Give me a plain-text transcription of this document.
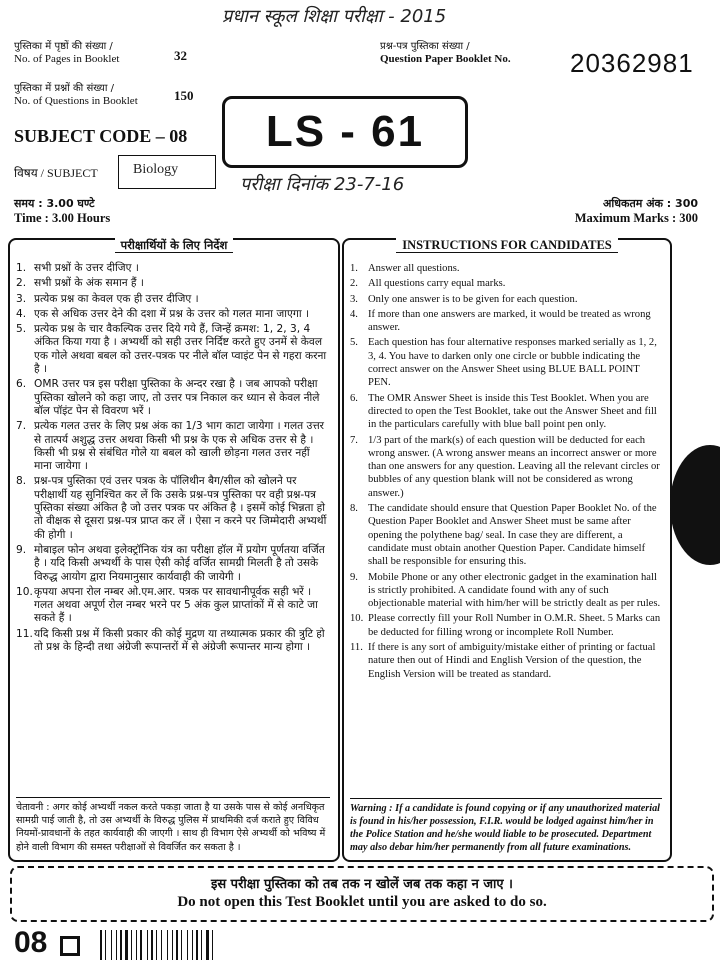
प्रधान स्कूल शिक्षा परीक्षा - 2015
पुस्तिका में पृष्ठों की संख्या /
No. of Pages in Booklet	32
पुस्तिका में प्रश्नों की संख्या /
No. of Questions in Booklet	150
प्रश्न-पत्र पुस्तिका संख्या /
Question Paper Booklet No. 20362981
LS - 61
SUBJECT CODE – 08
विषय / SUBJECT	Biology
परीक्षा दिनांक 23-7-16
समय : 3.00 घण्टे
Time : 3.00 Hours
अधिकतम अंक : 300
Maximum Marks : 300
परीक्षार्थियों के लिए निर्देश
1. सभी प्रश्नों के उत्तर दीजिए ।
2. सभी प्रश्नों के अंक समान हैं ।
3. प्रत्येक प्रश्न का केवल एक ही उत्तर दीजिए ।
4. एक से अधिक उत्तर देने की दशा में प्रश्न के उत्तर को गलत माना जाएगा ।
5. प्रत्येक प्रश्न के चार वैकल्पिक उत्तर दिये गये हैं, जिन्हें क्रमश: 1, 2, 3, 4 अंकित किया गया है । अभ्यर्थी को सही उत्तर निर्दिष्ट करते हुए उनमें से केवल एक गोले अथवा बबल को उत्तर-पत्रक पर नीले बॉल प्वाइंट पेन से गहरा करना है ।
6. OMR उत्तर पत्र इस परीक्षा पुस्तिका के अन्दर रखा है । जब आपको परीक्षा पुस्तिका खोलने को कहा जाए, तो उत्तर पत्र निकाल कर ध्यान से केवल नीले बॉल पॉइंट पेन से विवरण भरें ।
7. प्रत्येक गलत उत्तर के लिए प्रश्न अंक का 1/3 भाग काटा जायेगा । गलत उत्तर से तात्पर्य अशुद्ध उत्तर अथवा किसी भी प्रश्न के एक से अधिक उत्तर से है । किसी भी प्रश्न से संबंधित गोले या बबल को खाली छोड़ना गलत उत्तर नहीं माना जायेगा ।
8. प्रश्न-पत्र पुस्तिका एवं उत्तर पत्रक के पॉलिथीन बैग/सील को खोलने पर परीक्षार्थी यह सुनिश्चित कर लें कि उसके प्रश्न-पत्र पुस्तिका पर वही प्रश्न-पत्र पुस्तिका संख्या अंकित है जो उत्तर पत्रक पर अंकित है । इसमें कोई भिन्नता हो तो वीक्षक से दूसरा प्रश्न-पत्र प्राप्त कर लें । ऐसा न करने पर जिम्मेदारी अभ्यर्थी की होगी ।
9. मोबाइल फोन अथवा इलेक्ट्रॉनिक यंत्र का परीक्षा हॉल में प्रयोग पूर्णतया वर्जित है । यदि किसी अभ्यर्थी के पास ऐसी कोई वर्जित सामग्री मिलती है तो उसके विरुद्ध आयोग द्वारा नियमानुसार कार्यवाही की जायेगी ।
10. कृपया अपना रोल नम्बर ओ.एम.आर. पत्रक पर सावधानीपूर्वक सही भरें । गलत अथवा अपूर्ण रोल नम्बर भरने पर 5 अंक कुल प्राप्तांकों में से काटे जा सकते हैं ।
11. यदि किसी प्रश्न में किसी प्रकार की कोई मुद्रण या तथ्यात्मक प्रकार की त्रुटि हो तो प्रश्न के हिन्दी तथा अंग्रेजी रूपान्तरों में से अंग्रेजी रूपान्तर मान्य होगा ।
चेतावनी : अगर कोई अभ्यर्थी नकल करते पकड़ा जाता है या उसके पास से कोई अनधिकृत सामग्री पाई जाती है, तो उस अभ्यर्थी के विरुद्ध पुलिस में प्राथमिकी दर्ज कराते हुए विविध नियमों-प्रावधानों के तहत कार्यवाही की जाएगी । साथ ही विभाग ऐसे अभ्यर्थी को भविष्य में होने वाली विभाग की समस्त परीक्षाओं से विवर्जित कर सकता है ।
INSTRUCTIONS FOR CANDIDATES
1. Answer all questions.
2. All questions carry equal marks.
3. Only one answer is to be given for each question.
4. If more than one answers are marked, it would be treated as wrong answer.
5. Each question has four alternative responses marked serially as 1, 2, 3, 4. You have to darken only one circle or bubble indicating the correct answer on the Answer Sheet using BLUE BALL POINT PEN.
6. The OMR Answer Sheet is inside this Test Booklet. When you are directed to open the Test Booklet, take out the Answer Sheet and fill in the particulars carefully with blue ball point pen only.
7. 1/3 part of the mark(s) of each question will be deducted for each wrong answer. (A wrong answer means an incorrect answer or more than one answers for any question. Leaving all the relevant circles or bubbles of any question blank will not be considered as wrong answer.)
8. The candidate should ensure that Question Paper Booklet No. of the Question Paper Booklet and Answer Sheet must be same after opening the polythene bag/ seal. In case they are different, a candidate must obtain another Question Paper. Candidate himself shall be responsible for ensuring this.
9. Mobile Phone or any other electronic gadget in the examination hall is strictly prohibited. A candidate found with any of such objectionable material with him/her will be strictly dealt as per rules.
10. Please correctly fill your Roll Number in O.M.R. Sheet. 5 Marks can be deducted for filling wrong or incomplete Roll Number.
11. If there is any sort of ambiguity/mistake either of printing or factual nature then out of Hindi and English Version of the question, the English Version will be treated as standard.
Warning : If a candidate is found copying or if any unauthorized material is found in his/her possession, F.I.R. would be lodged against him/her in the Police Station and he/she would liable to be prosecuted. Department may also debar him/her permanently from all future examinations.
इस परीक्षा पुस्तिका को तब तक न खोलें जब तक कहा न जाए ।
Do not open this Test Booklet until you are asked to do so.
08
